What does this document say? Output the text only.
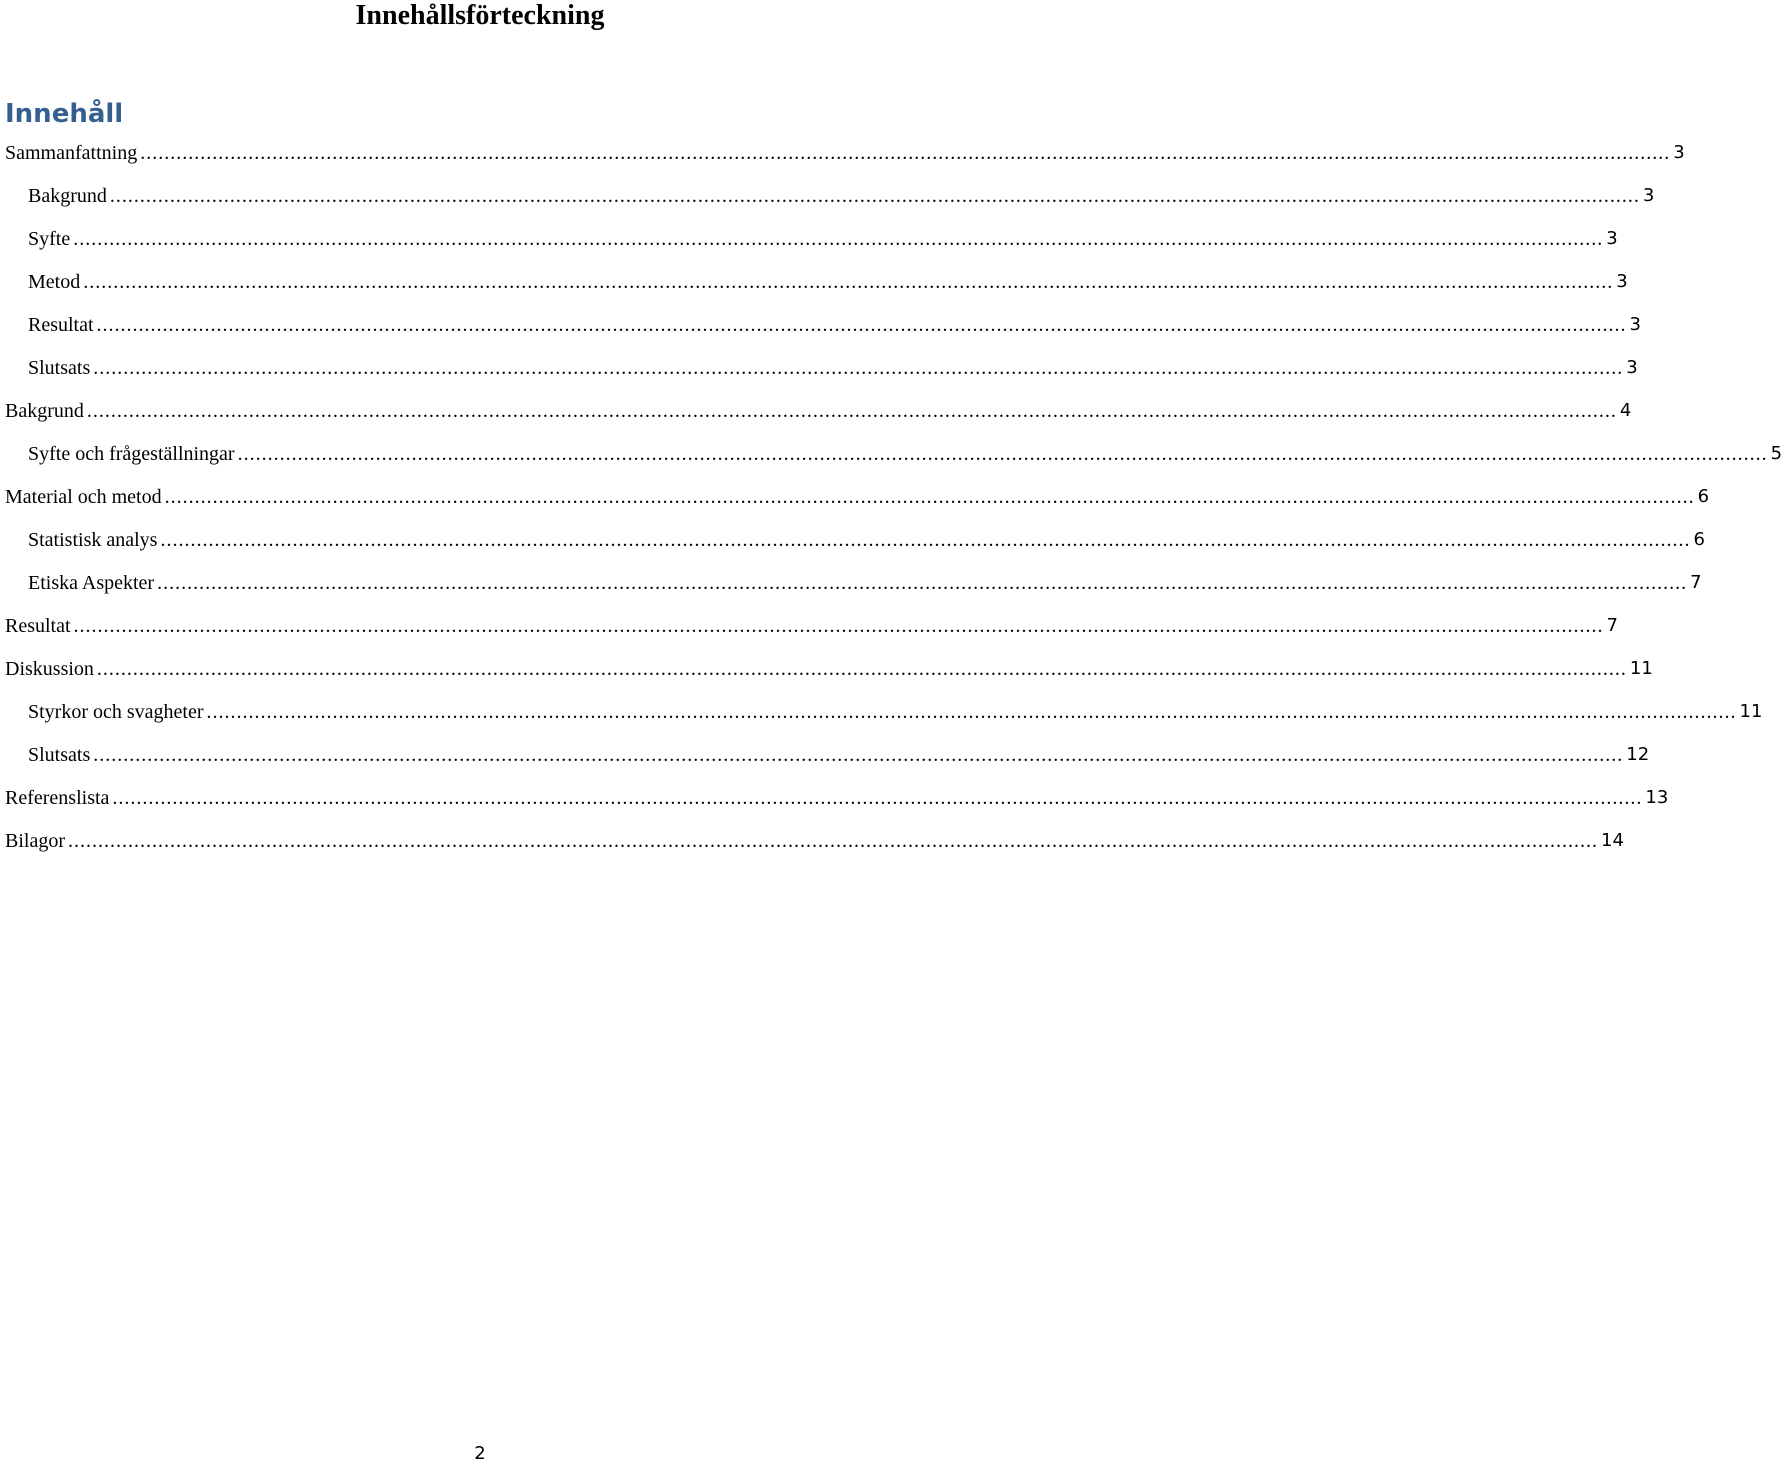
Innehållsförteckning
Innehåll
Sammanfattning ............................................................................................................................................................................................................................................................... 3
Bakgrund ............................................................................................................................................................................................................................................................... 3
Syfte ............................................................................................................................................................................................................................................................... 3
Metod ............................................................................................................................................................................................................................................................... 3
Resultat ............................................................................................................................................................................................................................................................... 3
Slutsats ............................................................................................................................................................................................................................................................... 3
Bakgrund ............................................................................................................................................................................................................................................................... 4
Syfte och frågeställningar ............................................................................................................................................................................................................................................................... 5
Material och metod ............................................................................................................................................................................................................................................................... 6
Statistisk analys ............................................................................................................................................................................................................................................................... 6
Etiska Aspekter ............................................................................................................................................................................................................................................................... 7
Resultat ............................................................................................................................................................................................................................................................... 7
Diskussion ............................................................................................................................................................................................................................................................... 11
Styrkor och svagheter ............................................................................................................................................................................................................................................................... 11
Slutsats ............................................................................................................................................................................................................................................................... 12
Referenslista ............................................................................................................................................................................................................................................................... 13
Bilagor ............................................................................................................................................................................................................................................................... 14
2
